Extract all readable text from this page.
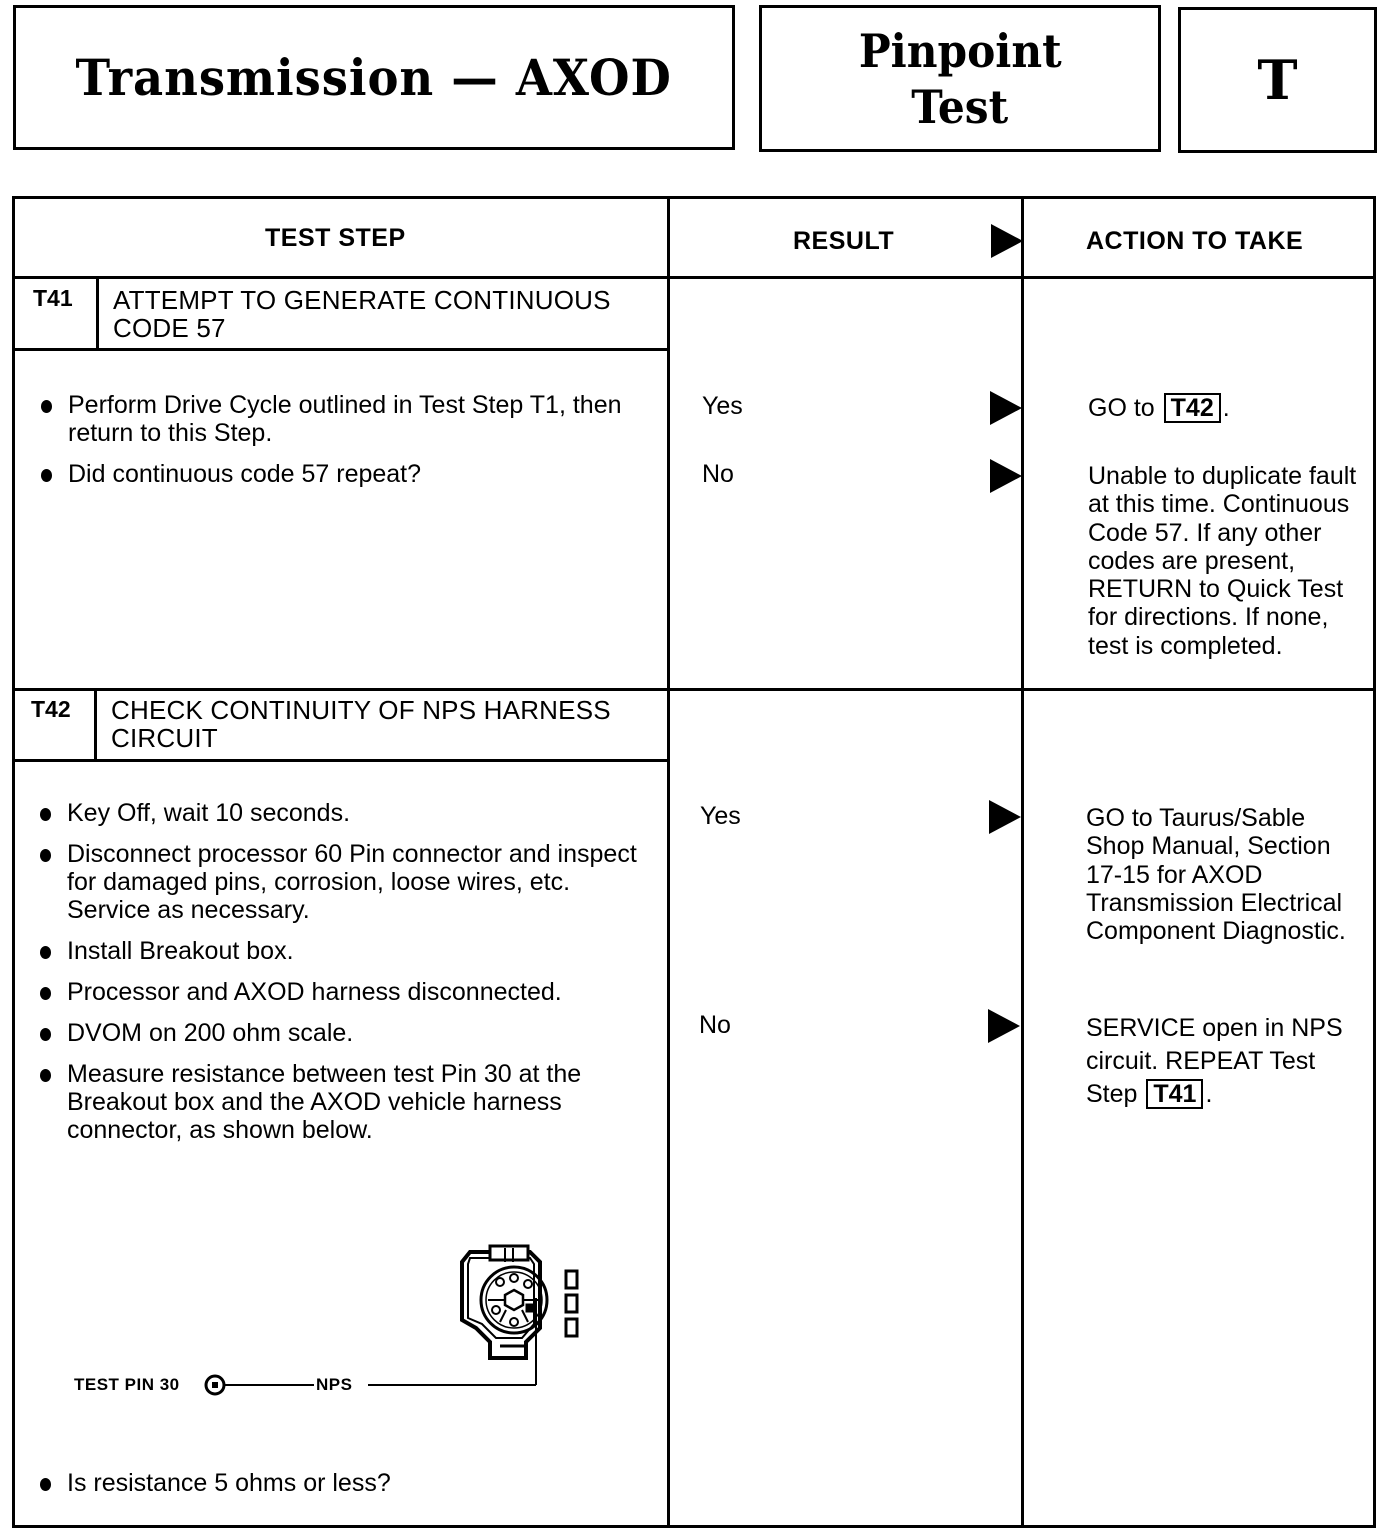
Transmission — AXOD	Pinpoint
Test	T
TEST STEP	RESULT	ACTION TO TAKE
T41 ATTEMPT TO GENERATE CONTINUOUS CODE 57
Perform Drive Cycle outlined in Test Step T1, then return to this Step.
Did continuous code 57 repeat?
Yes	GO to T42 .
No	Unable to duplicate fault at this time. Continuous Code 57. If any other codes are present, RETURN to Quick Test for directions. If none, test is completed.
T42 CHECK CONTINUITY OF NPS HARNESS CIRCUIT
Key Off, wait 10 seconds.
Disconnect processor 60 Pin connector and inspect for damaged pins, corrosion, loose wires, etc. Service as necessary.
Install Breakout box.
Processor and AXOD harness disconnected.
DVOM on 200 ohm scale.
Measure resistance between test Pin 30 at the Breakout box and the AXOD vehicle harness connector, as shown below.
TEST PIN 30	NPS
Is resistance 5 ohms or less?
Yes	GO to Taurus/Sable Shop Manual, Section 17-15 for AXOD Transmission Electrical Component Diagnostic.
No	SERVICE open in NPS circuit. REPEAT Test Step T41 .
